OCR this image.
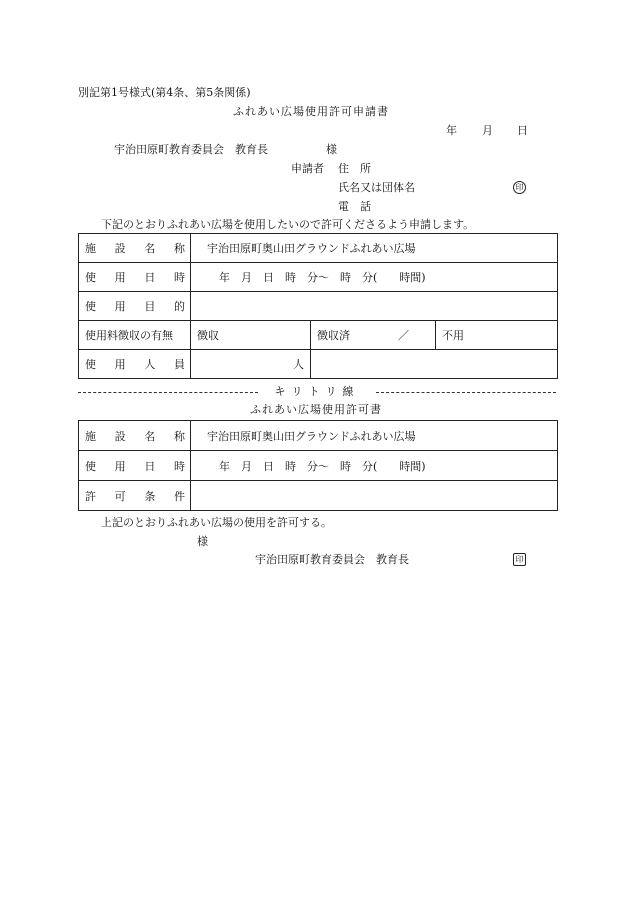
別記第1号様式(第4条、第5条関係)
ふれあい広場使用許可申請書
年 月 日
宇治田原町教育委員会　教育長	様
申請者 住　所
氏名又は団体名	印
電　話
下記のとおりふれあい広場を使用したいので許可くださるよう申請します。
施 設 名 称	宇治田原町奥山田グラウンドふれあい広場		

使 用 日 時	年　月　日　時　分～　時　分(　　時間)		

使 用 目 的			

使用料徴収の有無	徴収	徴収済 ／	不用

使 用 人 員	人		
キリトリ線
ふれあい広場使用許可書
施 設 名 称	宇治田原町奥山田グラウンドふれあい広場

使 用 日 時	年　月　日　時　分～　時　分(　　時間)

許 可 条 件	

上記のとおりふれあい広場の使用を許可する。
様
宇治田原町教育委員会　教育長	印
